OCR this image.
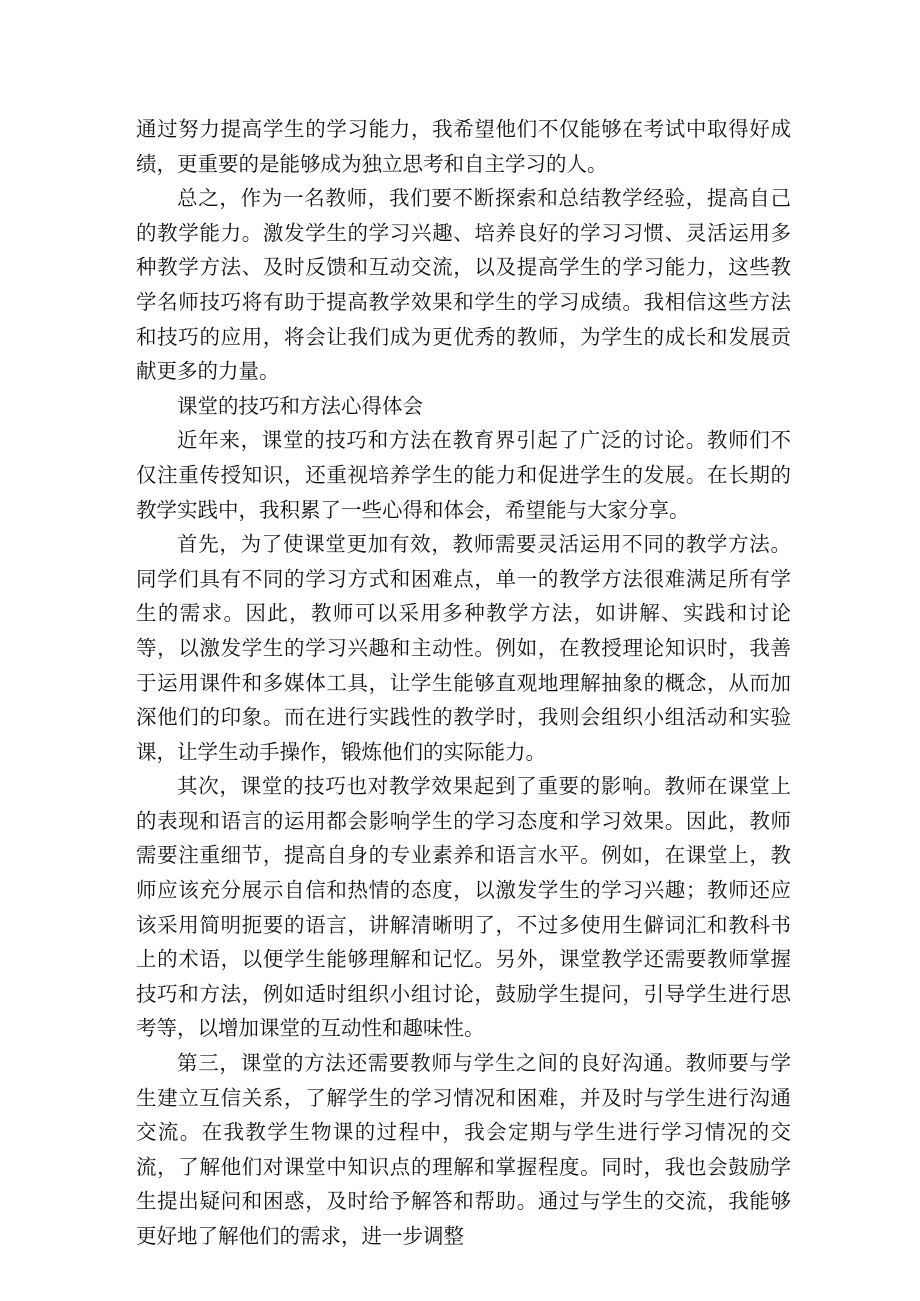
通过努力提高学生的学习能力，我希望他们不仅能够在考试中取得好成绩，更重要的是能够成为独立思考和自主学习的人。

总之，作为一名教师，我们要不断探索和总结教学经验，提高自己的教学能力。激发学生的学习兴趣、培养良好的学习习惯、灵活运用多种教学方法、及时反馈和互动交流，以及提高学生的学习能力，这些教学名师技巧将有助于提高教学效果和学生的学习成绩。我相信这些方法和技巧的应用，将会让我们成为更优秀的教师，为学生的成长和发展贡献更多的力量。

课堂的技巧和方法心得体会

近年来，课堂的技巧和方法在教育界引起了广泛的讨论。教师们不仅注重传授知识，还重视培养学生的能力和促进学生的发展。在长期的教学实践中，我积累了一些心得和体会，希望能与大家分享。

首先，为了使课堂更加有效，教师需要灵活运用不同的教学方法。同学们具有不同的学习方式和困难点，单一的教学方法很难满足所有学生的需求。因此，教师可以采用多种教学方法，如讲解、实践和讨论等，以激发学生的学习兴趣和主动性。例如，在教授理论知识时，我善于运用课件和多媒体工具，让学生能够直观地理解抽象的概念，从而加深他们的印象。而在进行实践性的教学时，我则会组织小组活动和实验课，让学生动手操作，锻炼他们的实际能力。

其次，课堂的技巧也对教学效果起到了重要的影响。教师在课堂上的表现和语言的运用都会影响学生的学习态度和学习效果。因此，教师需要注重细节，提高自身的专业素养和语言水平。例如，在课堂上，教师应该充分展示自信和热情的态度，以激发学生的学习兴趣；教师还应该采用简明扼要的语言，讲解清晰明了，不过多使用生僻词汇和教科书上的术语，以便学生能够理解和记忆。另外，课堂教学还需要教师掌握技巧和方法，例如适时组织小组讨论，鼓励学生提问，引导学生进行思考等，以增加课堂的互动性和趣味性。

第三，课堂的方法还需要教师与学生之间的良好沟通。教师要与学生建立互信关系，了解学生的学习情况和困难，并及时与学生进行沟通交流。在我教学生物课的过程中，我会定期与学生进行学习情况的交流，了解他们对课堂中知识点的理解和掌握程度。同时，我也会鼓励学生提出疑问和困惑，及时给予解答和帮助。通过与学生的交流，我能够更好地了解他们的需求，进一步调整
